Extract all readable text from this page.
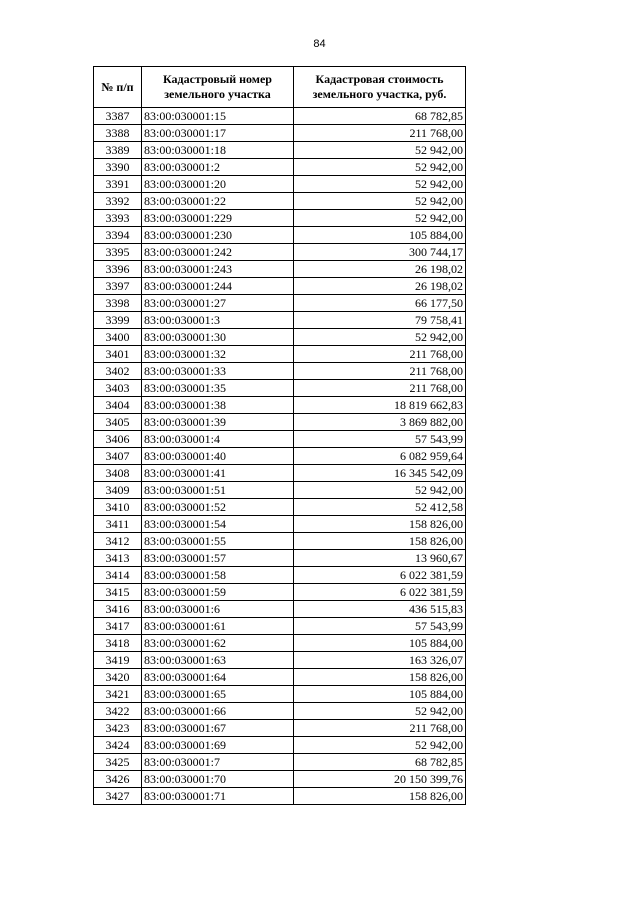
84
№ п/п	Кадастровый номер земельного участка	Кадастровая стоимость земельного участка, руб.
3387	83:00:030001:15	68 782,85
3388	83:00:030001:17	211 768,00
3389	83:00:030001:18	52 942,00
3390	83:00:030001:2	52 942,00
3391	83:00:030001:20	52 942,00
3392	83:00:030001:22	52 942,00
3393	83:00:030001:229	52 942,00
3394	83:00:030001:230	105 884,00
3395	83:00:030001:242	300 744,17
3396	83:00:030001:243	26 198,02
3397	83:00:030001:244	26 198,02
3398	83:00:030001:27	66 177,50
3399	83:00:030001:3	79 758,41
3400	83:00:030001:30	52 942,00
3401	83:00:030001:32	211 768,00
3402	83:00:030001:33	211 768,00
3403	83:00:030001:35	211 768,00
3404	83:00:030001:38	18 819 662,83
3405	83:00:030001:39	3 869 882,00
3406	83:00:030001:4	57 543,99
3407	83:00:030001:40	6 082 959,64
3408	83:00:030001:41	16 345 542,09
3409	83:00:030001:51	52 942,00
3410	83:00:030001:52	52 412,58
3411	83:00:030001:54	158 826,00
3412	83:00:030001:55	158 826,00
3413	83:00:030001:57	13 960,67
3414	83:00:030001:58	6 022 381,59
3415	83:00:030001:59	6 022 381,59
3416	83:00:030001:6	436 515,83
3417	83:00:030001:61	57 543,99
3418	83:00:030001:62	105 884,00
3419	83:00:030001:63	163 326,07
3420	83:00:030001:64	158 826,00
3421	83:00:030001:65	105 884,00
3422	83:00:030001:66	52 942,00
3423	83:00:030001:67	211 768,00
3424	83:00:030001:69	52 942,00
3425	83:00:030001:7	68 782,85
3426	83:00:030001:70	20 150 399,76
3427	83:00:030001:71	158 826,00
